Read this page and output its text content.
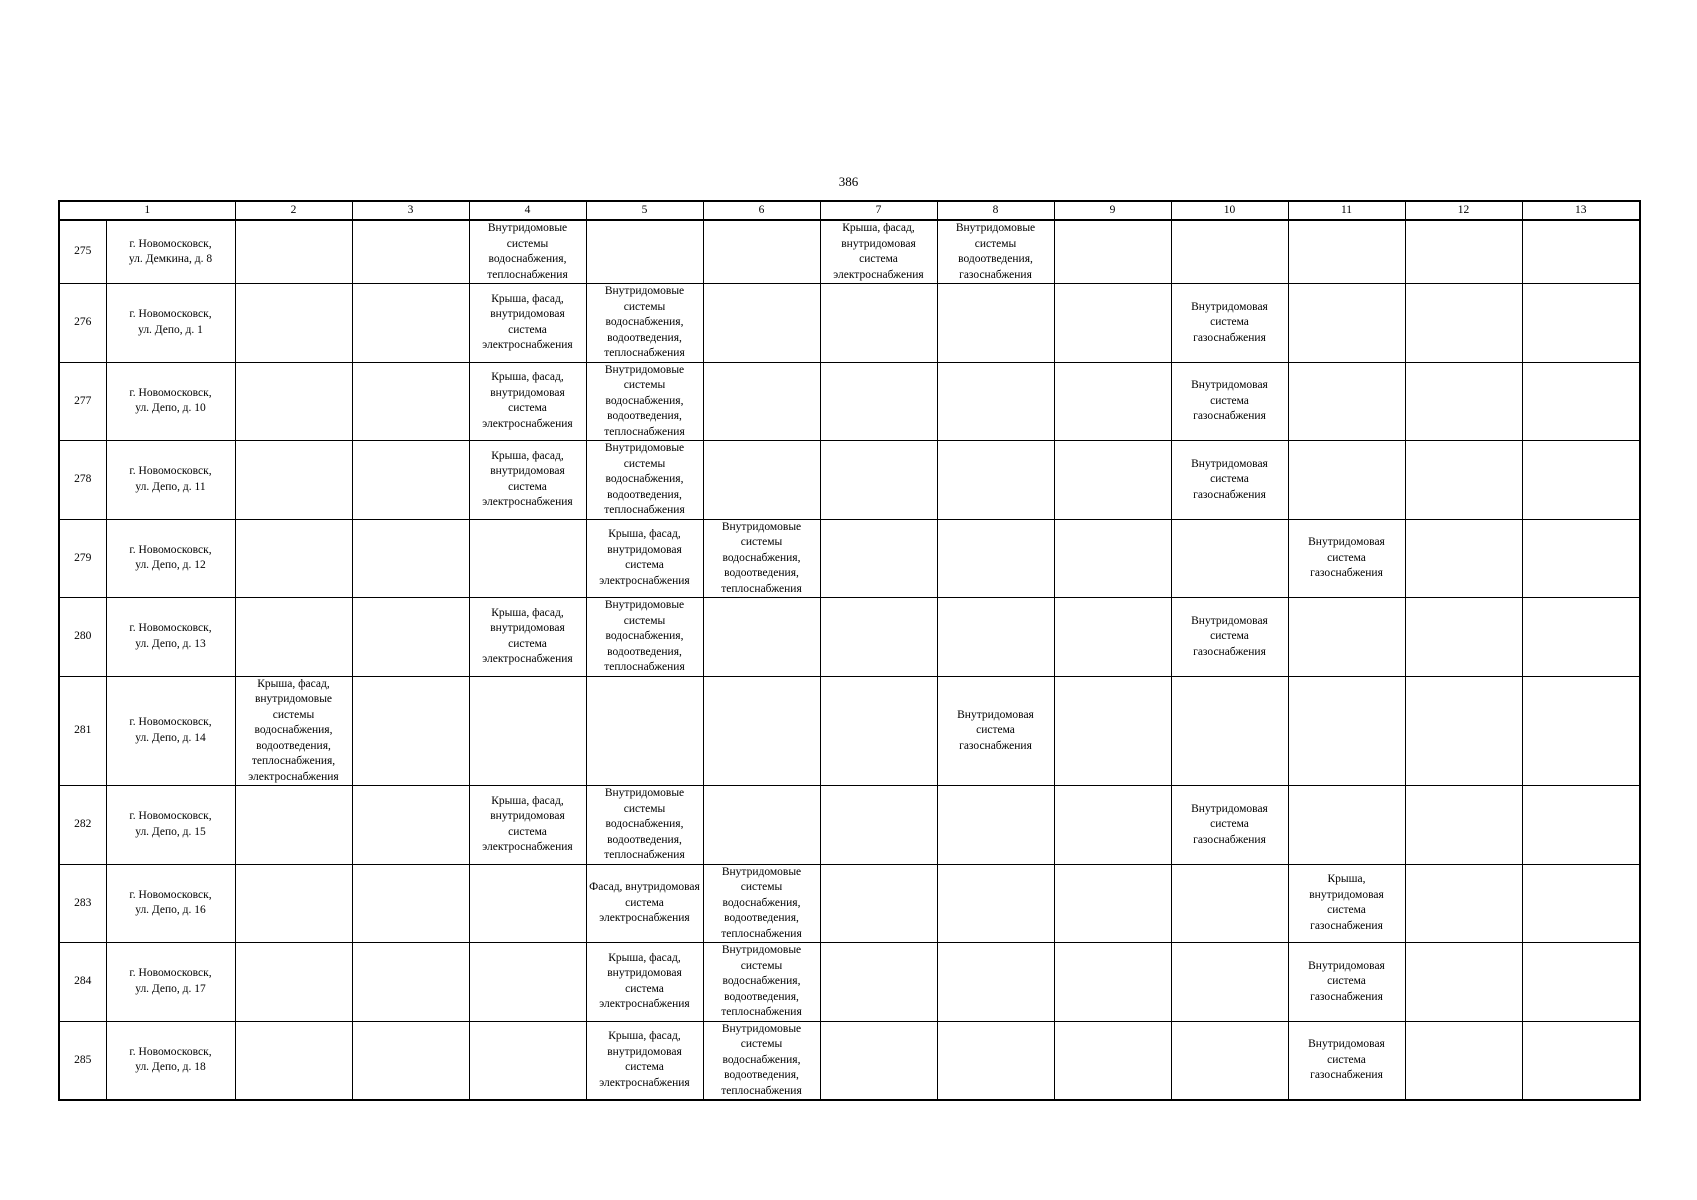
386
1		2	3	4	5	6	7	8	9	10	11	12	13
275	г. Новомосковск,
ул. Демкина, д. 8			Внутридомовые системы водоснабжения, теплоснабжения			Крыша, фасад, внутридомовая система электроснабжения	Внутридомовые системы водоотведения, газоснабжения					
276	г. Новомосковск,
ул. Депо, д. 1			Крыша, фасад, внутридомовая система электроснабжения	Внутридомовые системы водоснабжения, водоотведения, теплоснабжения					Внутридомовая система газоснабжения			
277	г. Новомосковск,
ул. Депо, д. 10			Крыша, фасад, внутридомовая система электроснабжения	Внутридомовые системы водоснабжения, водоотведения, теплоснабжения					Внутридомовая система газоснабжения			
278	г. Новомосковск,
ул. Депо, д. 11			Крыша, фасад, внутридомовая система электроснабжения	Внутридомовые системы водоснабжения, водоотведения, теплоснабжения					Внутридомовая система газоснабжения			
279	г. Новомосковск,
ул. Депо, д. 12				Крыша, фасад, внутридомовая система электроснабжения	Внутридомовые системы водоснабжения, водоотведения, теплоснабжения					Внутридомовая система газоснабжения		
280	г. Новомосковск,
ул. Депо, д. 13			Крыша, фасад, внутридомовая система электроснабжения	Внутридомовые системы водоснабжения, водоотведения, теплоснабжения					Внутридомовая система газоснабжения			
281	г. Новомосковск,
ул. Депо, д. 14	Крыша, фасад, внутридомовые системы водоснабжения, водоотведения, теплоснабжения, электроснабжения						Внутридомовая система газоснабжения					
282	г. Новомосковск,
ул. Депо, д. 15			Крыша, фасад, внутридомовая система электроснабжения	Внутридомовые системы водоснабжения, водоотведения, теплоснабжения					Внутридомовая система газоснабжения			
283	г. Новомосковск,
ул. Депо, д. 16				Фасад, внутридомовая система электроснабжения	Внутридомовые системы водоснабжения, водоотведения, теплоснабжения					Крыша, внутридомовая система газоснабжения		
284	г. Новомосковск,
ул. Депо, д. 17				Крыша, фасад, внутридомовая система электроснабжения	Внутридомовые системы водоснабжения, водоотведения, теплоснабжения					Внутридомовая система газоснабжения		
285	г. Новомосковск,
ул. Депо, д. 18				Крыша, фасад, внутридомовая система электроснабжения	Внутридомовые системы водоснабжения, водоотведения, теплоснабжения					Внутридомовая система газоснабжения		
